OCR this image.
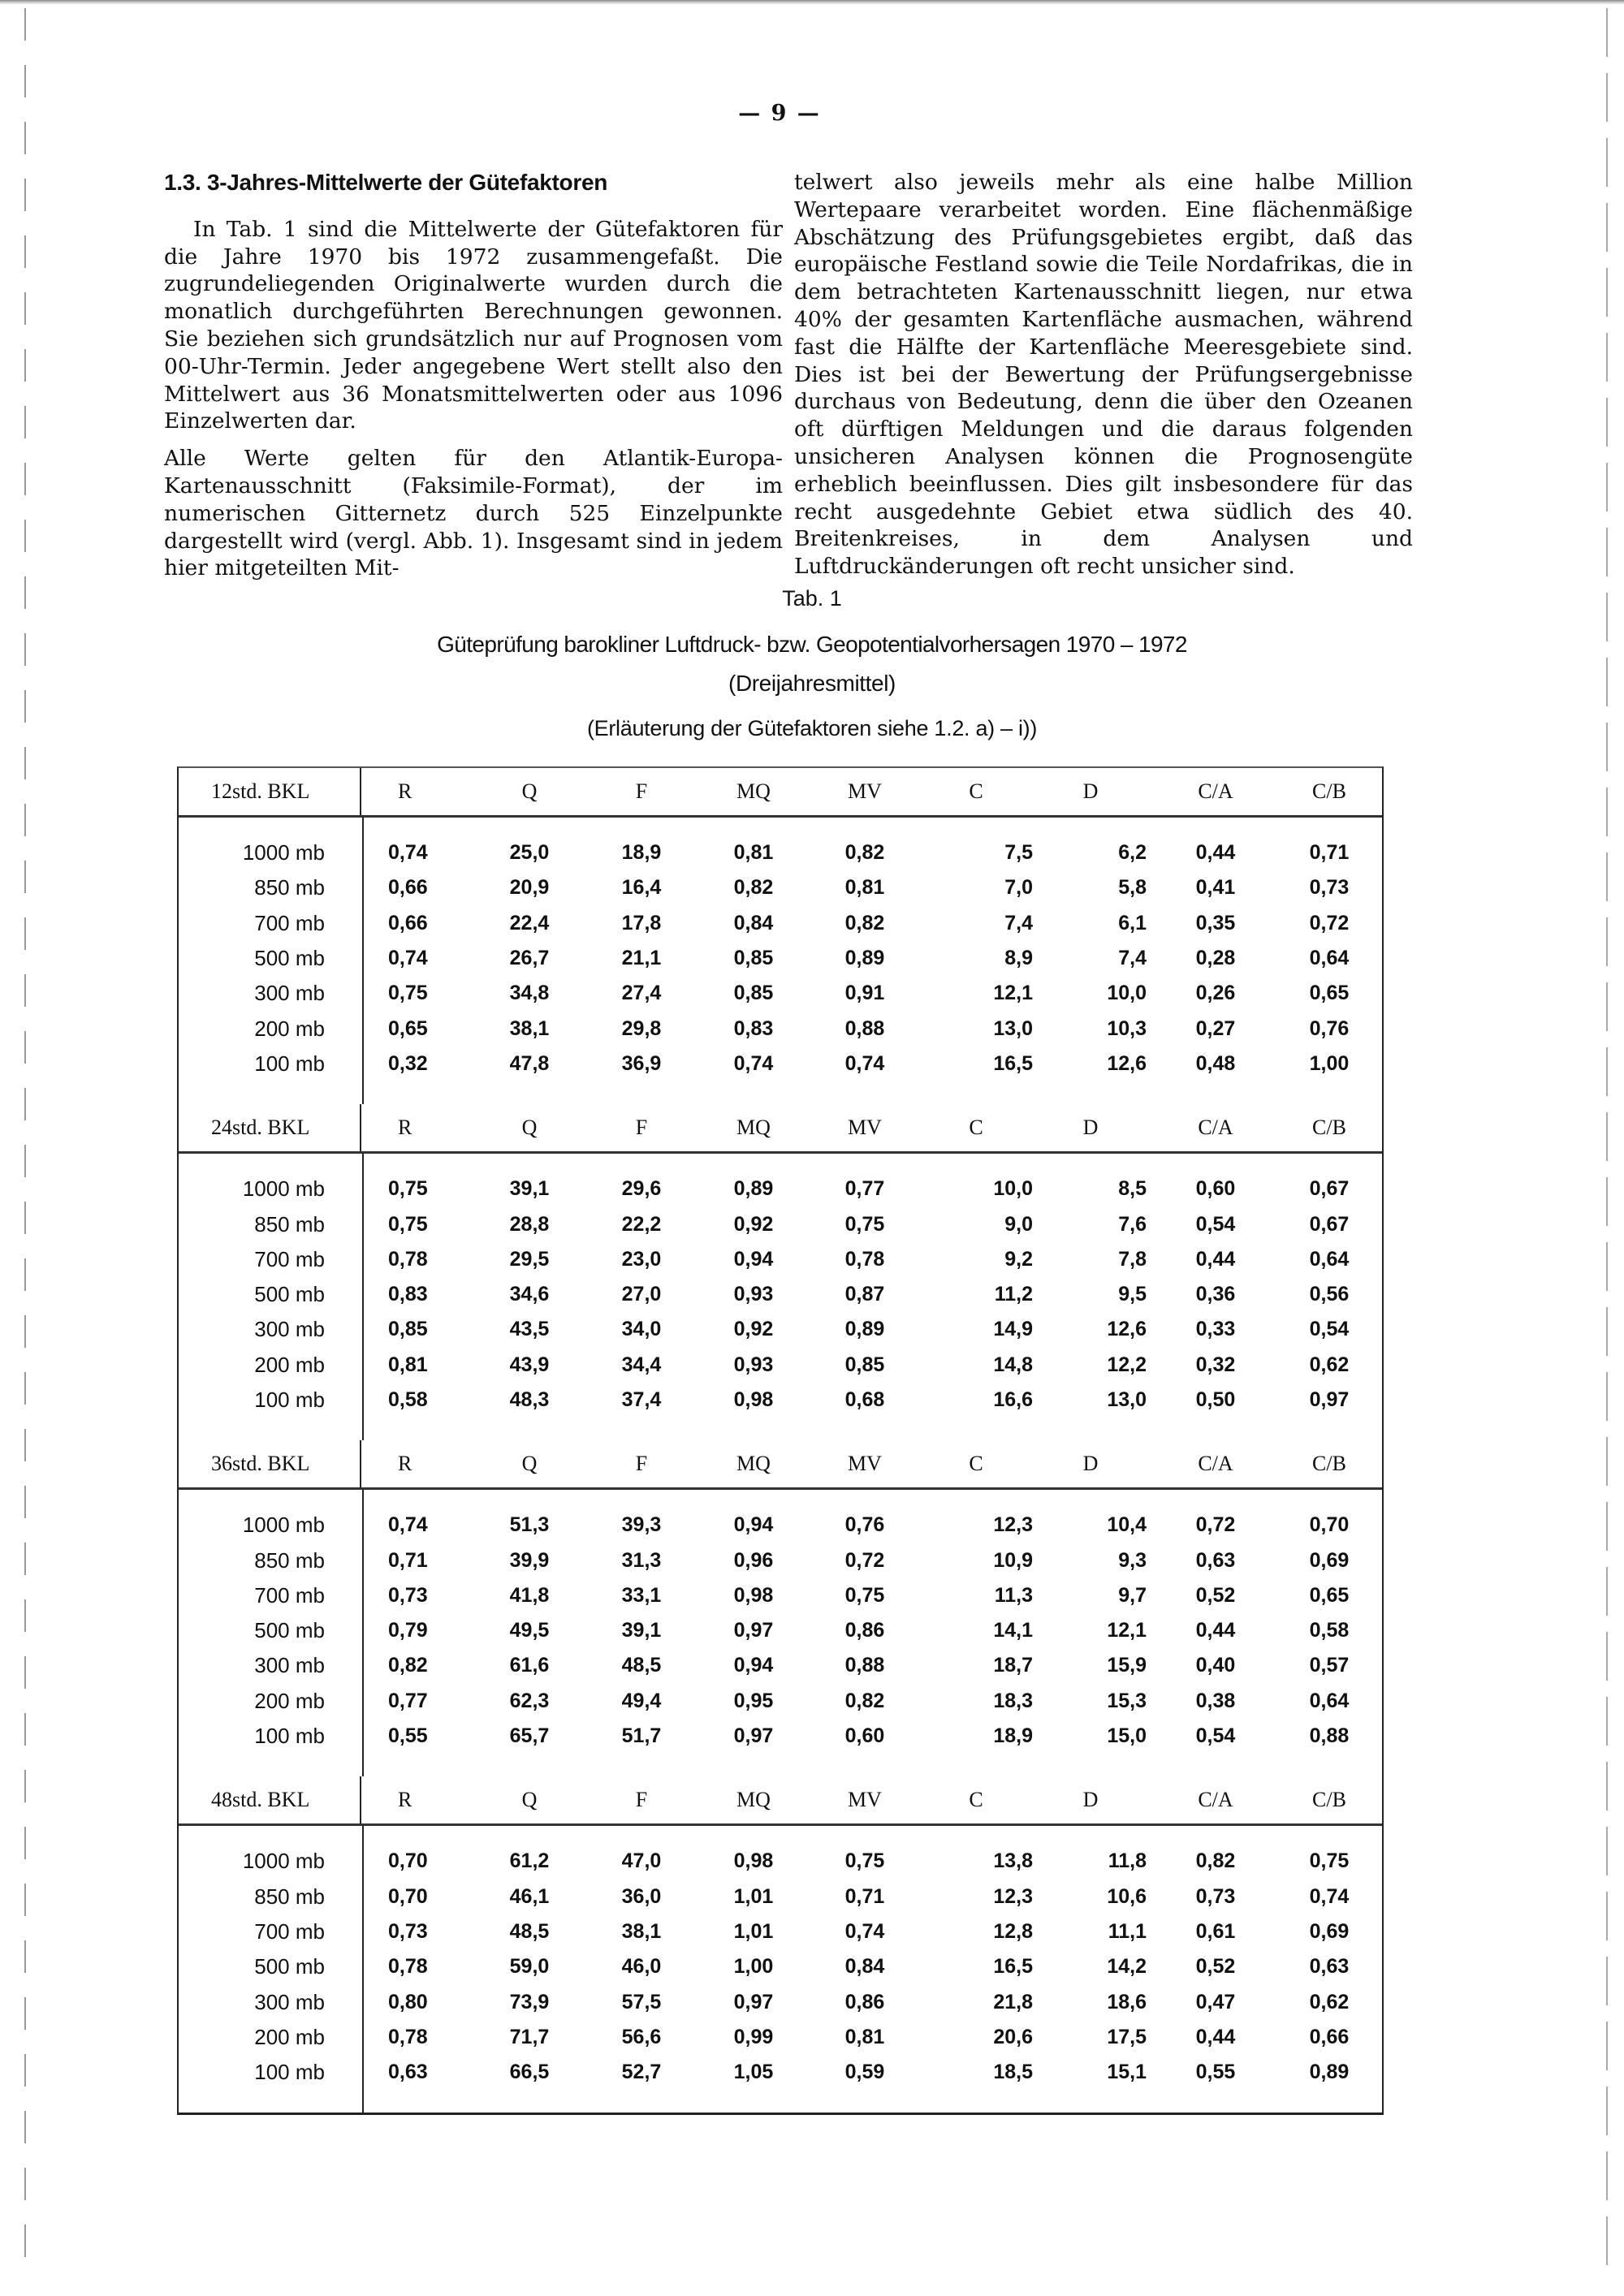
— 9 —
1.3. 3-Jahres-Mittelwerte der Gütefaktoren

In Tab. 1 sind die Mittelwerte der Gütefaktoren für die Jahre 1970 bis 1972 zusammengefaßt. Die zugrundeliegenden Originalwerte wurden durch die monatlich durchgeführten Berechnungen gewonnen. Sie beziehen sich grundsätzlich nur auf Prognosen vom 00-Uhr-Termin. Jeder angegebene Wert stellt also den Mittelwert aus 36 Monatsmittelwerten oder aus 1096 Einzelwerten dar.

Alle Werte gelten für den Atlantik-Europa-Kartenausschnitt (Faksimile-Format), der im numerischen Gitternetz durch 525 Einzelpunkte dargestellt wird (vergl. Abb. 1). Insgesamt sind in jedem hier mitgeteilten Mit-

telwert also jeweils mehr als eine halbe Million Wertepaare verarbeitet worden. Eine flächenmäßige Abschätzung des Prüfungsgebietes ergibt, daß das europäische Festland sowie die Teile Nordafrikas, die in dem betrachteten Kartenausschnitt liegen, nur etwa 40% der gesamten Kartenfläche ausmachen, während fast die Hälfte der Kartenfläche Meeresgebiete sind. Dies ist bei der Bewertung der Prüfungsergebnisse durchaus von Bedeutung, denn die über den Ozeanen oft dürftigen Meldungen und die daraus folgenden unsicheren Analysen können die Prognosengüte erheblich beeinflussen. Dies gilt insbesondere für das recht ausgedehnte Gebiet etwa südlich des 40. Breitenkreises, in dem Analysen und Luftdruckänderungen oft recht unsicher sind.

Tab. 1
Güteprüfung barokliner Luftdruck- bzw. Geopotentialvorhersagen 1970 – 1972
(Dreijahresmittel)
(Erläuterung der Gütefaktoren siehe 1.2. a) – i))
12std. BKL	R	Q	F	MQ	MV	C	D	C/A	C/B
1000 mb	0,74	25,0	18,9	0,81	0,82	7,5	6,2	0,44	0,71
850 mb	0,66	20,9	16,4	0,82	0,81	7,0	5,8	0,41	0,73
700 mb	0,66	22,4	17,8	0,84	0,82	7,4	6,1	0,35	0,72
500 mb	0,74	26,7	21,1	0,85	0,89	8,9	7,4	0,28	0,64
300 mb	0,75	34,8	27,4	0,85	0,91	12,1	10,0	0,26	0,65
200 mb	0,65	38,1	29,8	0,83	0,88	13,0	10,3	0,27	0,76
100 mb	0,32	47,8	36,9	0,74	0,74	16,5	12,6	0,48	1,00
24std. BKL	R	Q	F	MQ	MV	C	D	C/A	C/B
1000 mb	0,75	39,1	29,6	0,89	0,77	10,0	8,5	0,60	0,67
850 mb	0,75	28,8	22,2	0,92	0,75	9,0	7,6	0,54	0,67
700 mb	0,78	29,5	23,0	0,94	0,78	9,2	7,8	0,44	0,64
500 mb	0,83	34,6	27,0	0,93	0,87	11,2	9,5	0,36	0,56
300 mb	0,85	43,5	34,0	0,92	0,89	14,9	12,6	0,33	0,54
200 mb	0,81	43,9	34,4	0,93	0,85	14,8	12,2	0,32	0,62
100 mb	0,58	48,3	37,4	0,98	0,68	16,6	13,0	0,50	0,97
36std. BKL	R	Q	F	MQ	MV	C	D	C/A	C/B
1000 mb	0,74	51,3	39,3	0,94	0,76	12,3	10,4	0,72	0,70
850 mb	0,71	39,9	31,3	0,96	0,72	10,9	9,3	0,63	0,69
700 mb	0,73	41,8	33,1	0,98	0,75	11,3	9,7	0,52	0,65
500 mb	0,79	49,5	39,1	0,97	0,86	14,1	12,1	0,44	0,58
300 mb	0,82	61,6	48,5	0,94	0,88	18,7	15,9	0,40	0,57
200 mb	0,77	62,3	49,4	0,95	0,82	18,3	15,3	0,38	0,64
100 mb	0,55	65,7	51,7	0,97	0,60	18,9	15,0	0,54	0,88
48std. BKL	R	Q	F	MQ	MV	C	D	C/A	C/B
1000 mb	0,70	61,2	47,0	0,98	0,75	13,8	11,8	0,82	0,75
850 mb	0,70	46,1	36,0	1,01	0,71	12,3	10,6	0,73	0,74
700 mb	0,73	48,5	38,1	1,01	0,74	12,8	11,1	0,61	0,69
500 mb	0,78	59,0	46,0	1,00	0,84	16,5	14,2	0,52	0,63
300 mb	0,80	73,9	57,5	0,97	0,86	21,8	18,6	0,47	0,62
200 mb	0,78	71,7	56,6	0,99	0,81	20,6	17,5	0,44	0,66
100 mb	0,63	66,5	52,7	1,05	0,59	18,5	15,1	0,55	0,89
